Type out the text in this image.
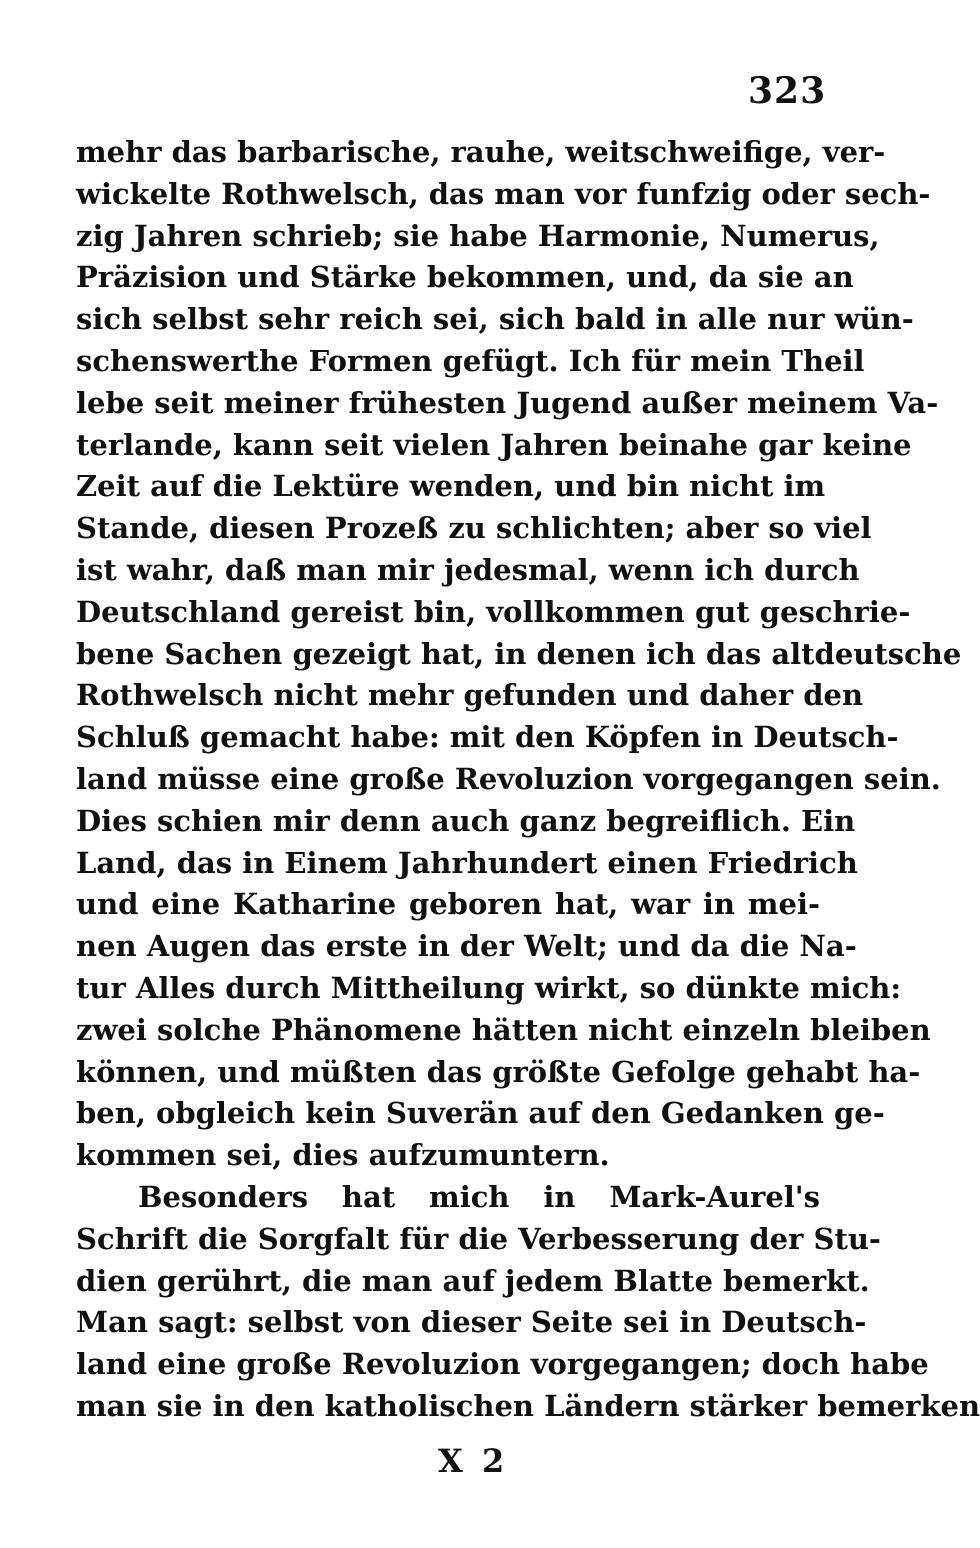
323
mehr das barbarische, rauhe, weitschweifige, ver-
wickelte Rothwelsch, das man vor funfzig oder sech-
zig Jahren schrieb; sie habe Harmonie, Numerus,
Präzision und Stärke bekommen, und, da sie an
sich selbst sehr reich sei, sich bald in alle nur wün-
schenswerthe Formen gefügt. Ich für mein Theil
lebe seit meiner frühesten Jugend außer meinem Va-
terlande, kann seit vielen Jahren beinahe gar keine
Zeit auf die Lektüre wenden, und bin nicht im
Stande, diesen Prozeß zu schlichten; aber so viel
ist wahr, daß man mir jedesmal, wenn ich durch
Deutschland gereist bin, vollkommen gut geschrie-
bene Sachen gezeigt hat, in denen ich das altdeutsche
Rothwelsch nicht mehr gefunden und daher den
Schluß gemacht habe: mit den Köpfen in Deutsch-
land müsse eine große Revoluzion vorgegangen sein.
Dies schien mir denn auch ganz begreiflich. Ein
Land, das in Einem Jahrhundert einen Friedrich
und eine Katharine geboren hat, war in mei-
nen Augen das erste in der Welt; und da die Na-
tur Alles durch Mittheilung wirkt, so dünkte mich:
zwei solche Phänomene hätten nicht einzeln bleiben
können, und müßten das größte Gefolge gehabt ha-
ben, obgleich kein Suverän auf den Gedanken ge-
kommen sei, dies aufzumuntern.
Besonders hat mich in Mark-Aurel's
Schrift die Sorgfalt für die Verbesserung der Stu-
dien gerührt, die man auf jedem Blatte bemerkt.
Man sagt: selbst von dieser Seite sei in Deutsch-
land eine große Revoluzion vorgegangen; doch habe
man sie in den katholischen Ländern stärker bemerken
X 2
